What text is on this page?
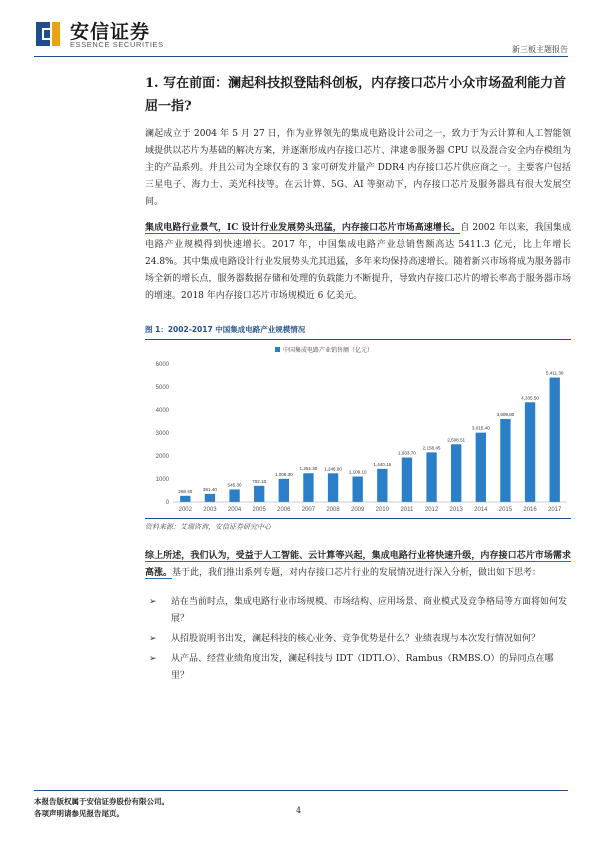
安信证券
ESSENCE SECURITIES
新三板主题报告
1. 写在前面：澜起科技拟登陆科创板，内存接口芯片小众市场盈利能力首屈一指?
澜起成立于 2004 年 5 月 27 日，作为业界领先的集成电路设计公司之一，致力于为云计算和人工智能领域提供以芯片为基础的解决方案，并逐渐形成内存接口芯片、津逮®服务器 CPU 以及混合安全内存模组为主的产品系列。并且公司为全球仅有的 3 家可研发并量产 DDR4 内存接口芯片供应商之一。主要客户包括三星电子、海力士、美光科技等。在云计算、5G、AI 等驱动下，内存接口芯片及服务器具有很大发展空间。
集成电路行业景气，IC 设计行业发展势头迅猛，内存接口芯片市场高速增长。自 2002 年以来，我国集成电路产业规模得到快速增长。2017 年，中国集成电路产业总销售额高达 5411.3 亿元，比上年增长 24.8%。其中集成电路设计行业发展势头尤其迅猛，多年来均保持高速增长。随着新兴市场将成为服务器市场全新的增长点，服务器数据存储和处理的负载能力不断提升，导致内存接口芯片的增长率高于服务器市场的增速。2018 年内存接口芯片市场规模近 6 亿美元。
图 1：2002-2017 中国集成电路产业规模情况
中国集成电路产业销售额（亿元）
0
1000
2000
3000
4000
5000
6000
268.40 351.40
545.30
702.10
1,006.30
1,251.30 1,246.80
1,109.10
1,440.15
1,933.70
2,158.45
2,508.51
3,015.40
3,609.80
4,335.50
5,411.30
2002 2003 2004 2005 2006 2007 2008 2009 2010 2011 2012 2013 2014 2015 2016 2017
资料来源：艾瑞咨询，安信证券研究中心
综上所述，我们认为，受益于人工智能、云计算等兴起，集成电路行业将快速升级，内存接口芯片市场需求高涨。基于此，我们推出系列专题，对内存接口芯片行业的发展情况进行深入分析，做出如下思考：
➢ 站在当前时点，集成电路行业市场规模、市场结构、应用场景、商业模式及竞争格局等方面将如何发展？
➢ 从招股说明书出发，澜起科技的核心业务、竞争优势是什么？业绩表现与本次发行情况如何？
➢ 从产品、经营业绩角度出发，澜起科技与 IDT（IDTI.O）、Rambus（RMBS.O）的异同点在哪里？
本报告版权属于安信证券股份有限公司。
各项声明请参见报告尾页。	4
